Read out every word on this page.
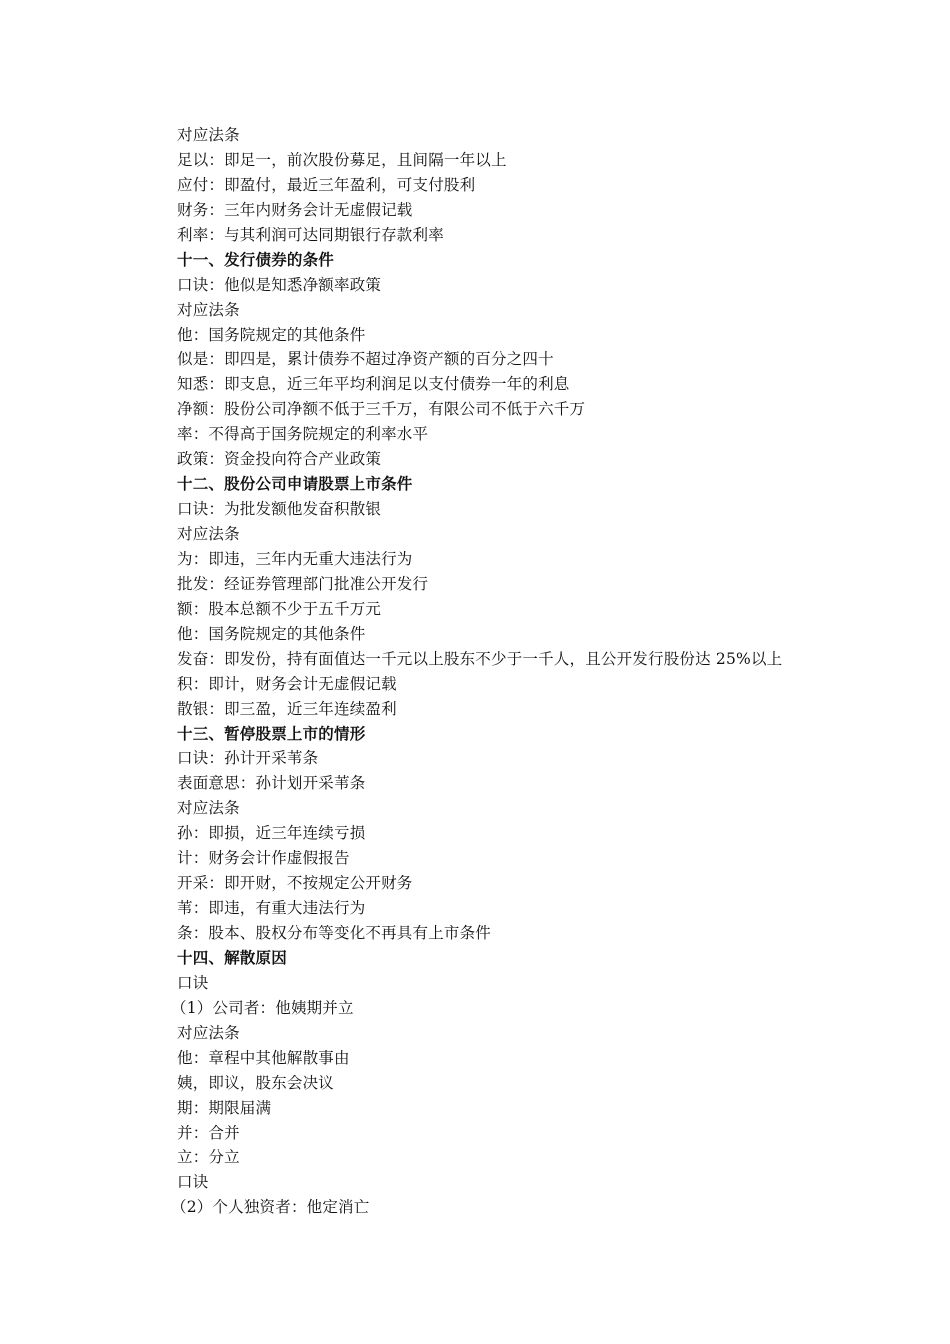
对应法条
足以：即足一，前次股份募足，且间隔一年以上
应付：即盈付，最近三年盈利，可支付股利
财务：三年内财务会计无虚假记载
利率：与其利润可达同期银行存款利率
十一、发行债券的条件
口诀：他似是知悉净额率政策
对应法条
他：国务院规定的其他条件
似是：即四是，累计债券不超过净资产额的百分之四十
知悉：即支息，近三年平均利润足以支付债券一年的利息
净额：股份公司净额不低于三千万，有限公司不低于六千万
率：不得高于国务院规定的利率水平
政策：资金投向符合产业政策
十二、股份公司申请股票上市条件
口诀：为批发额他发奋积散银
对应法条
为：即违，三年内无重大违法行为
批发：经证券管理部门批准公开发行
额：股本总额不少于五千万元
他：国务院规定的其他条件
发奋：即发份，持有面值达一千元以上股东不少于一千人，且公开发行股份达 25%以上
积：即计，财务会计无虚假记载
散银：即三盈，近三年连续盈利
十三、暂停股票上市的情形
口诀：孙计开采苇条
表面意思：孙计划开采苇条
对应法条
孙：即损，近三年连续亏损
计：财务会计作虚假报告
开采：即开财，不按规定公开财务
苇：即违，有重大违法行为
条：股本、股权分布等变化不再具有上市条件
十四、解散原因
口诀
（1）公司者：他姨期并立
对应法条
他：章程中其他解散事由
姨，即议，股东会决议
期：期限届满
并：合并
立：分立
口诀
（2）个人独资者：他定消亡
